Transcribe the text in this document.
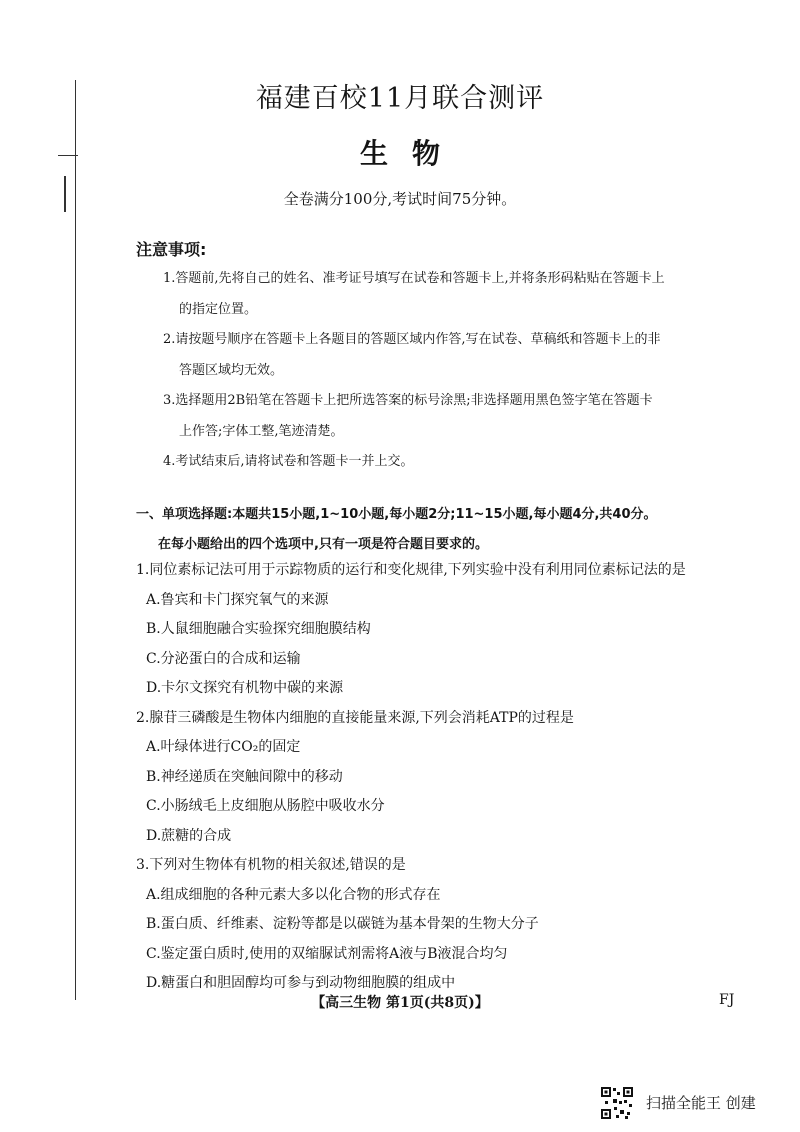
福建百校11月联合测评
生物
全卷满分100分,考试时间75分钟。
注意事项:
1.答题前,先将自己的姓名、准考证号填写在试卷和答题卡上,并将条形码粘贴在答题卡上
的指定位置。
2.请按题号顺序在答题卡上各题目的答题区域内作答,写在试卷、草稿纸和答题卡上的非
答题区域均无效。
3.选择题用2B铅笔在答题卡上把所选答案的标号涂黑;非选择题用黑色签字笔在答题卡
上作答;字体工整,笔迹清楚。
4.考试结束后,请将试卷和答题卡一并上交。
一、单项选择题:本题共15小题,1~10小题,每小题2分;11~15小题,每小题4分,共40分。
在每小题给出的四个选项中,只有一项是符合题目要求的。
1.同位素标记法可用于示踪物质的运行和变化规律,下列实验中没有利用同位素标记法的是
A.鲁宾和卡门探究氧气的来源
B.人鼠细胞融合实验探究细胞膜结构
C.分泌蛋白的合成和运输
D.卡尔文探究有机物中碳的来源
2.腺苷三磷酸是生物体内细胞的直接能量来源,下列会消耗ATP的过程是
A.叶绿体进行CO₂的固定
B.神经递质在突触间隙中的移动
C.小肠绒毛上皮细胞从肠腔中吸收水分
D.蔗糖的合成
3.下列对生物体有机物的相关叙述,错误的是
A.组成细胞的各种元素大多以化合物的形式存在
B.蛋白质、纤维素、淀粉等都是以碳链为基本骨架的生物大分子
C.鉴定蛋白质时,使用的双缩脲试剂需将A液与B液混合均匀
D.糖蛋白和胆固醇均可参与到动物细胞膜的组成中
【高三生物 第1页(共8页)】	FJ
扫描全能王 创建
